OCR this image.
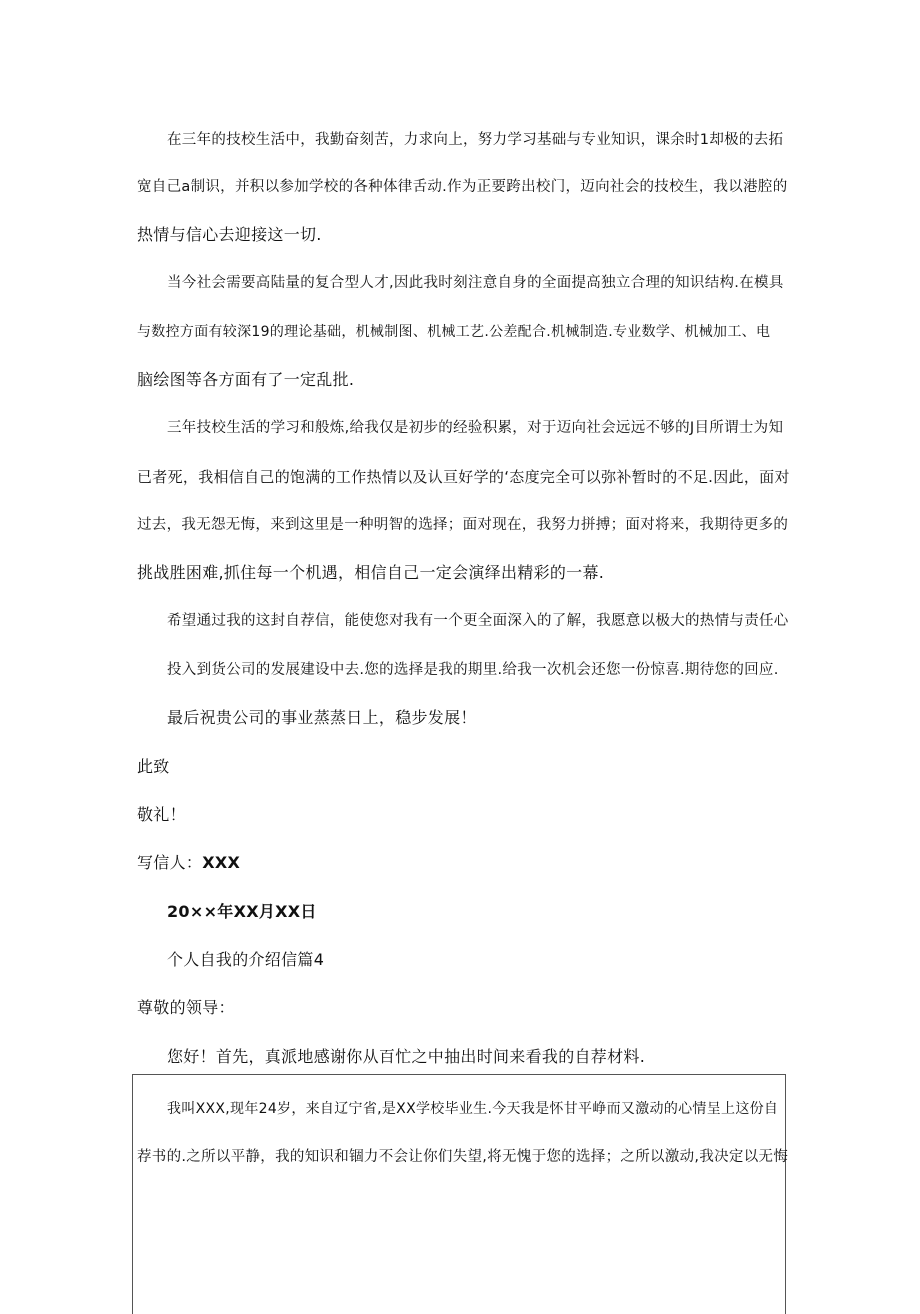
在三年的技校生活中，我勤奋刻苦，力求向上，努力学习基础与专业知识，课余时1却极的去拓
宽自己a制识，并积以参加学校的各种体律舌动.作为正要跨出校门，迈向社会的技校生，我以港腔的
热情与信心去迎接这一切.
当今社会需要高陆量的复合型人才,因此我时刻注意自身的全面提高独立合理的知识结构.在模具
与数控方面有较深19的理论基础，机械制图、机械工艺.公差配合.机械制造.专业数学、机械加工、电
脑绘图等各方面有了一定乱批.
三年技校生活的学习和般炼,给我仅是初步的经验积累，对于迈向社会远远不够的J目所谓士为知
已者死，我相信自己的饱满的工作热情以及认亘好学的‘态度完全可以弥补暂时的不足.因此，面对
过去，我无怨无悔，来到这里是一种明智的选择；面对现在，我努力拼搏；面对将来，我期待更多的
挑战胜困难,抓住每一个机遇，相信自己一定会演绎出精彩的一幕.
希望通过我的这封自荐信，能使您对我有一个更全面深入的了解，我愿意以极大的热情与责任心
投入到货公司的发展建设中去.您的选择是我的期里.给我一次机会还您一份惊喜.期待您的回应.
最后祝贵公司的事业蒸蒸日上，稳步发展！
此致
敬礼！
写信人：XXX
20××年XX月XX日
个人自我的介绍信篇4
尊敬的领导：
您好！首先，真派地感谢你从百忙之中抽出时间来看我的自荐材料.
我叫XXX,现年24岁，来自辽宁省,是XX学校毕业生.今天我是怀甘平峥而又激动的心情呈上这份自
荐书的.之所以平静，我的知识和锢力不会让你们失望,将无愧于您的选择；之所以激动,我决定以无悔
